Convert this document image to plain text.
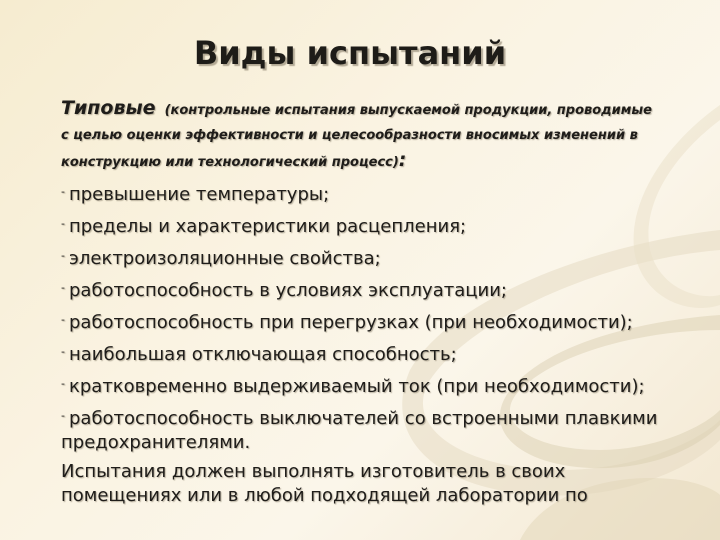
Виды испытаний

Типовые (контрольные испытания выпускаемой продукции, проводимые с целью оценки эффективности и целесообразности вносимых изменений в конструкцию или технологический процесс):

- превышение температуры;

- пределы и характеристики расцепления;

- электроизоляционные свойства;

- работоспособность в условиях эксплуатации;

- работоспособность при перегрузках (при необходимости);

- наибольшая отключающая способность;

- кратковременно выдерживаемый ток (при необходимости);

- работоспособность выключателей со встроенными плавкими предохранителями.

Испытания должен выполнять изготовитель в своих помещениях или в любой подходящей лаборатории по
